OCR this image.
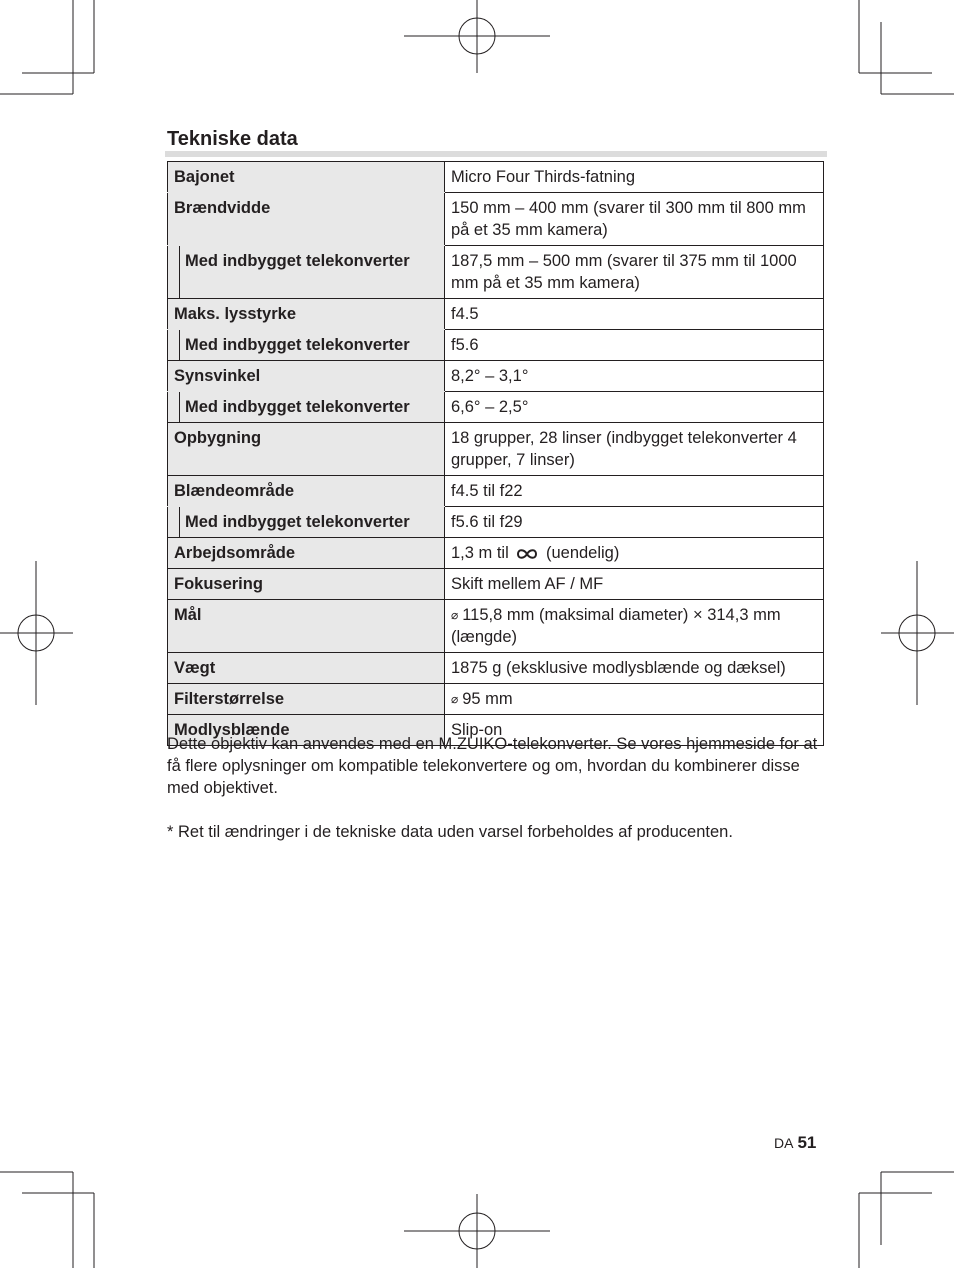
Tekniske data
Bajonet	Micro Four Thirds-fatning
Brændvidde	150 mm – 400 mm (svarer til 300 mm til 800 mm på et 35 mm kamera)
Med indbygget telekonverter	187,5 mm – 500 mm (svarer til 375 mm til 1000 mm på et 35 mm kamera)
Maks. lysstyrke	f4.5
Med indbygget telekonverter	f5.6
Synsvinkel	8,2° – 3,1°
Med indbygget telekonverter	6,6° – 2,5°
Opbygning	18 grupper, 28 linser (indbygget telekonverter 4 grupper, 7 linser)
Blændeområde	f4.5 til f22
Med indbygget telekonverter	f5.6 til f29
Arbejdsområde	1,3 m til (uendelig)
Fokusering	Skift mellem AF / MF
Mål	⌀ 115,8 mm (maksimal diameter) × 314,3 mm (længde)
Vægt	1875 g (eksklusive modlysblænde og dæksel)
Filterstørrelse	⌀ 95 mm
Modlysblænde	Slip-on

Dette objektiv kan anvendes med en M.ZUIKO-telekonverter. Se vores hjemmeside for at få flere oplysninger om kompatible telekonvertere og om, hvordan du kombinerer disse med objektivet.

* Ret til ændringer i de tekniske data uden varsel forbeholdes af producenten.

DA 51
